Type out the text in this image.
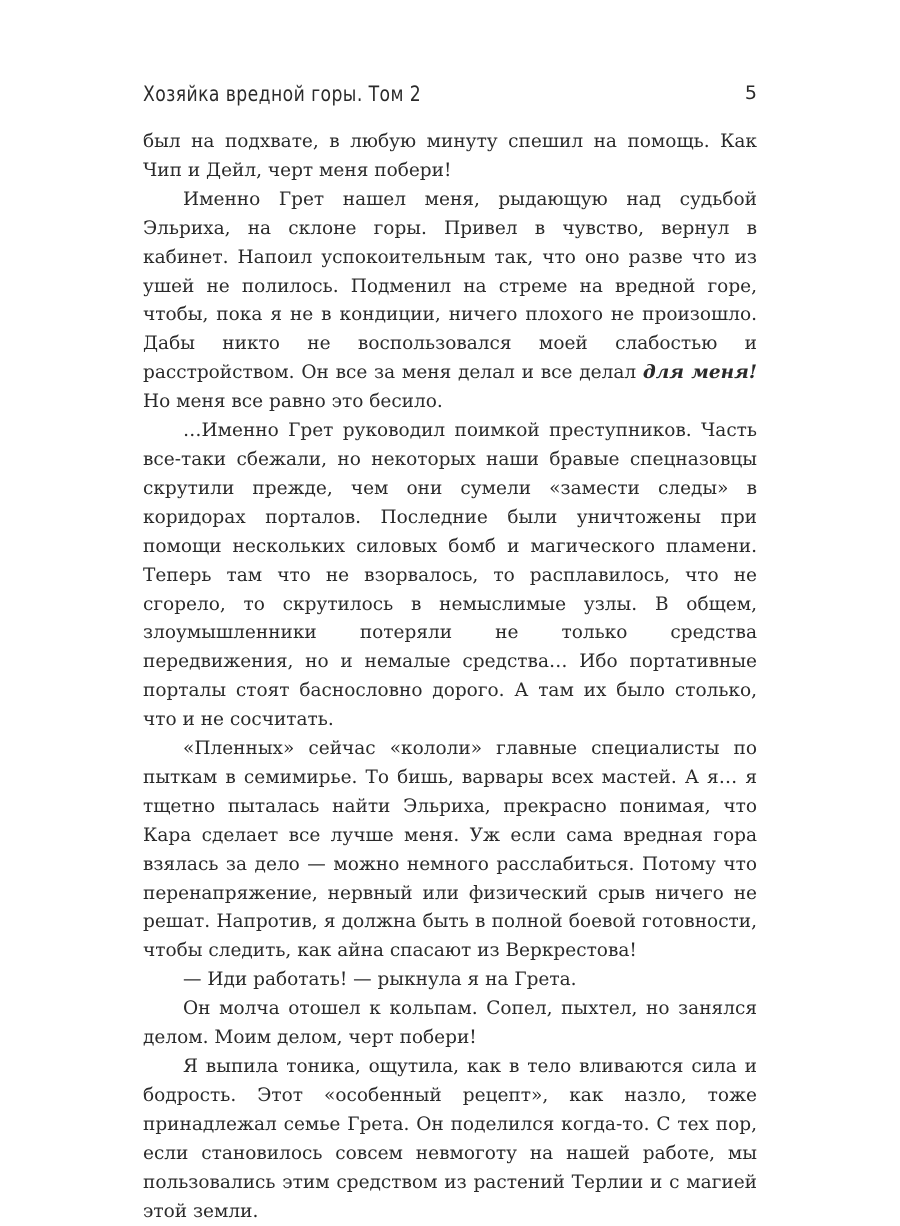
Хозяйка вредной горы. Том 2	5

был на подхвате, в любую минуту спешил на помощь. Как Чип и Дейл, черт меня побери!

Именно Грет нашел меня, рыдающую над судьбой Эльриха, на склоне горы. Привел в чувство, вернул в кабинет. Напоил успокоительным так, что оно разве что из ушей не полилось. Подменил на стреме на вредной горе, чтобы, пока я не в кондиции, ничего плохого не произошло. Дабы никто не воспользовался моей слабостью и расстройством. Он все за меня делал и все делал для меня! Но меня все равно это бесило.

…Именно Грет руководил поимкой преступников. Часть все-таки сбежали, но некоторых наши бравые спецназовцы скрутили прежде, чем они сумели «замести следы» в коридорах порталов. Последние были уничтожены при помощи нескольких силовых бомб и магического пламени. Теперь там что не взорвалось, то расплавилось, что не сгорело, то скрутилось в немыслимые узлы. В общем, злоумышленники потеряли не только средства передвижения, но и немалые средства… Ибо портативные порталы стоят баснословно дорого. А там их было столько, что и не сосчитать.

«Пленных» сейчас «кололи» главные специалисты по пыткам в семимирье. То бишь, варвары всех мастей. А я… я тщетно пыталась найти Эльриха, прекрасно понимая, что Кара сделает все лучше меня. Уж если сама вредная гора взялась за дело — можно немного расслабиться. Потому что перенапряжение, нервный или физический срыв ничего не решат. Напротив, я должна быть в полной боевой готовности, чтобы следить, как айна спасают из Веркрестова!

— Иди работать! — рыкнула я на Грета.

Он молча отошел к кольпам. Сопел, пыхтел, но занялся делом. Моим делом, черт побери!

Я выпила тоника, ощутила, как в тело вливаются сила и бодрость. Этот «особенный рецепт», как назло, тоже принадлежал семье Грета. Он поделился когда-то. С тех пор, если становилось совсем невмоготу на нашей работе, мы пользовались этим средством из растений Терлии и с магией этой земли.
